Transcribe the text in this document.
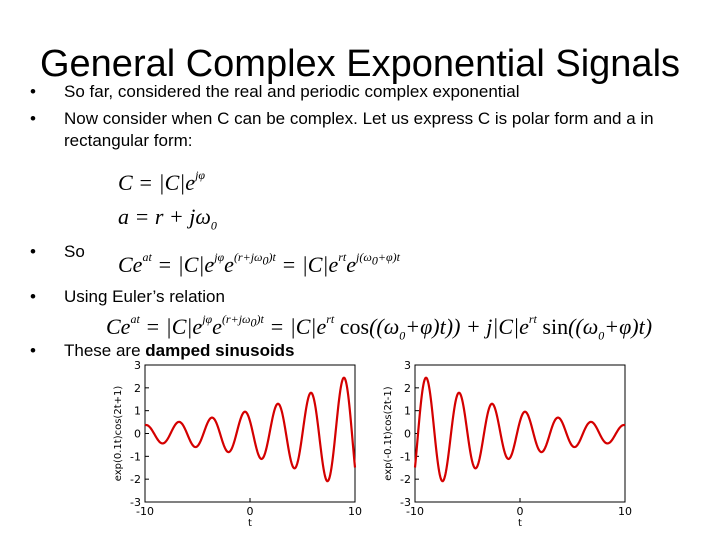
General Complex Exponential Signals
• So far, considered the real and periodic complex exponential
• Now consider when C can be complex. Let us express C is polar form and a in rectangular form:
$C = |C|e^{j\varphi}$
$a = r + j\omega_0$
• So
$Ce^{at} = |C|e^{j\varphi}e^{(r+j\omega_0)t} = |C|e^{rt}e^{j(\omega_0+\varphi)t}$
• Using Euler’s relation
$Ce^{at} = |C|e^{j\varphi}e^{(r+j\omega_0)t} = |C|e^{rt}$ $\cos((\omega_0+\varphi)t)) + j|C|e^{rt}$ $\sin((\omega_0+\varphi)t)$
• These are damped sinusoids
-3
-2
-1
0
1
2
3
-10	0	10
t
exp(0.1t)cos(2t+1)
-3
-2
-1
0
1
2
3
-10	0	10
t
exp(-0.1t)cos(2t-1)
